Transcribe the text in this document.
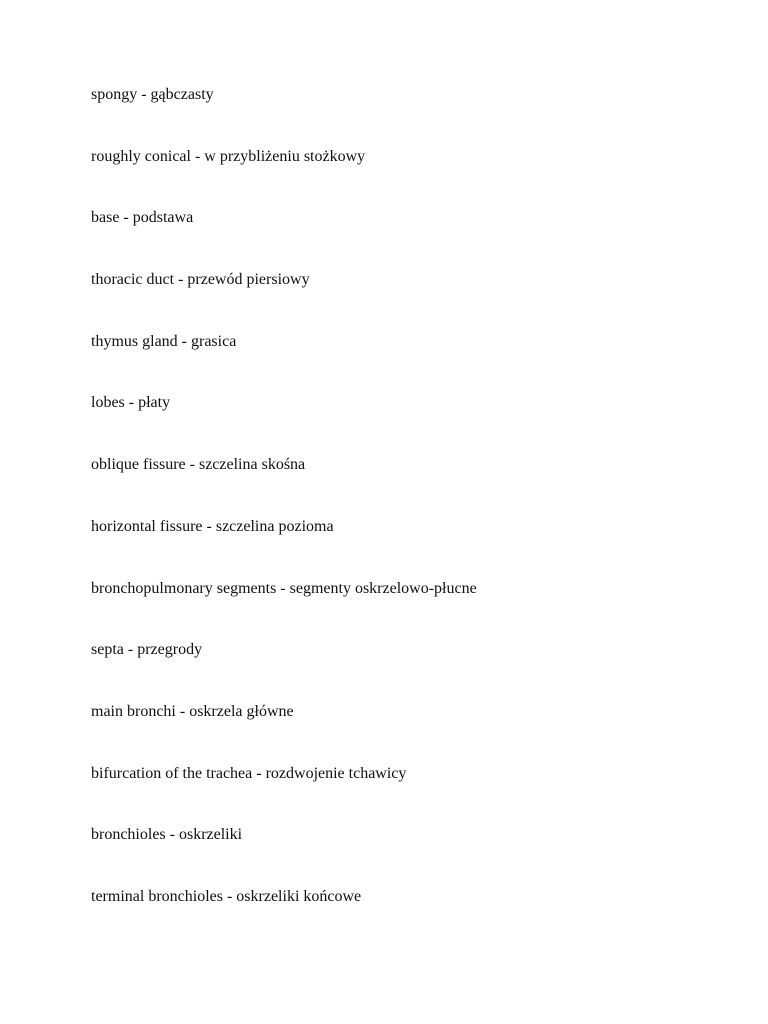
spongy - gąbczasty
roughly conical - w przybliżeniu stożkowy
base - podstawa
thoracic duct - przewód piersiowy
thymus gland - grasica
lobes - płaty
oblique fissure - szczelina skośna
horizontal fissure - szczelina pozioma
bronchopulmonary segments - segmenty oskrzelowo-płucne
septa - przegrody
main bronchi - oskrzela główne
bifurcation of the trachea - rozdwojenie tchawicy
bronchioles - oskrzeliki
terminal bronchioles - oskrzeliki końcowe
